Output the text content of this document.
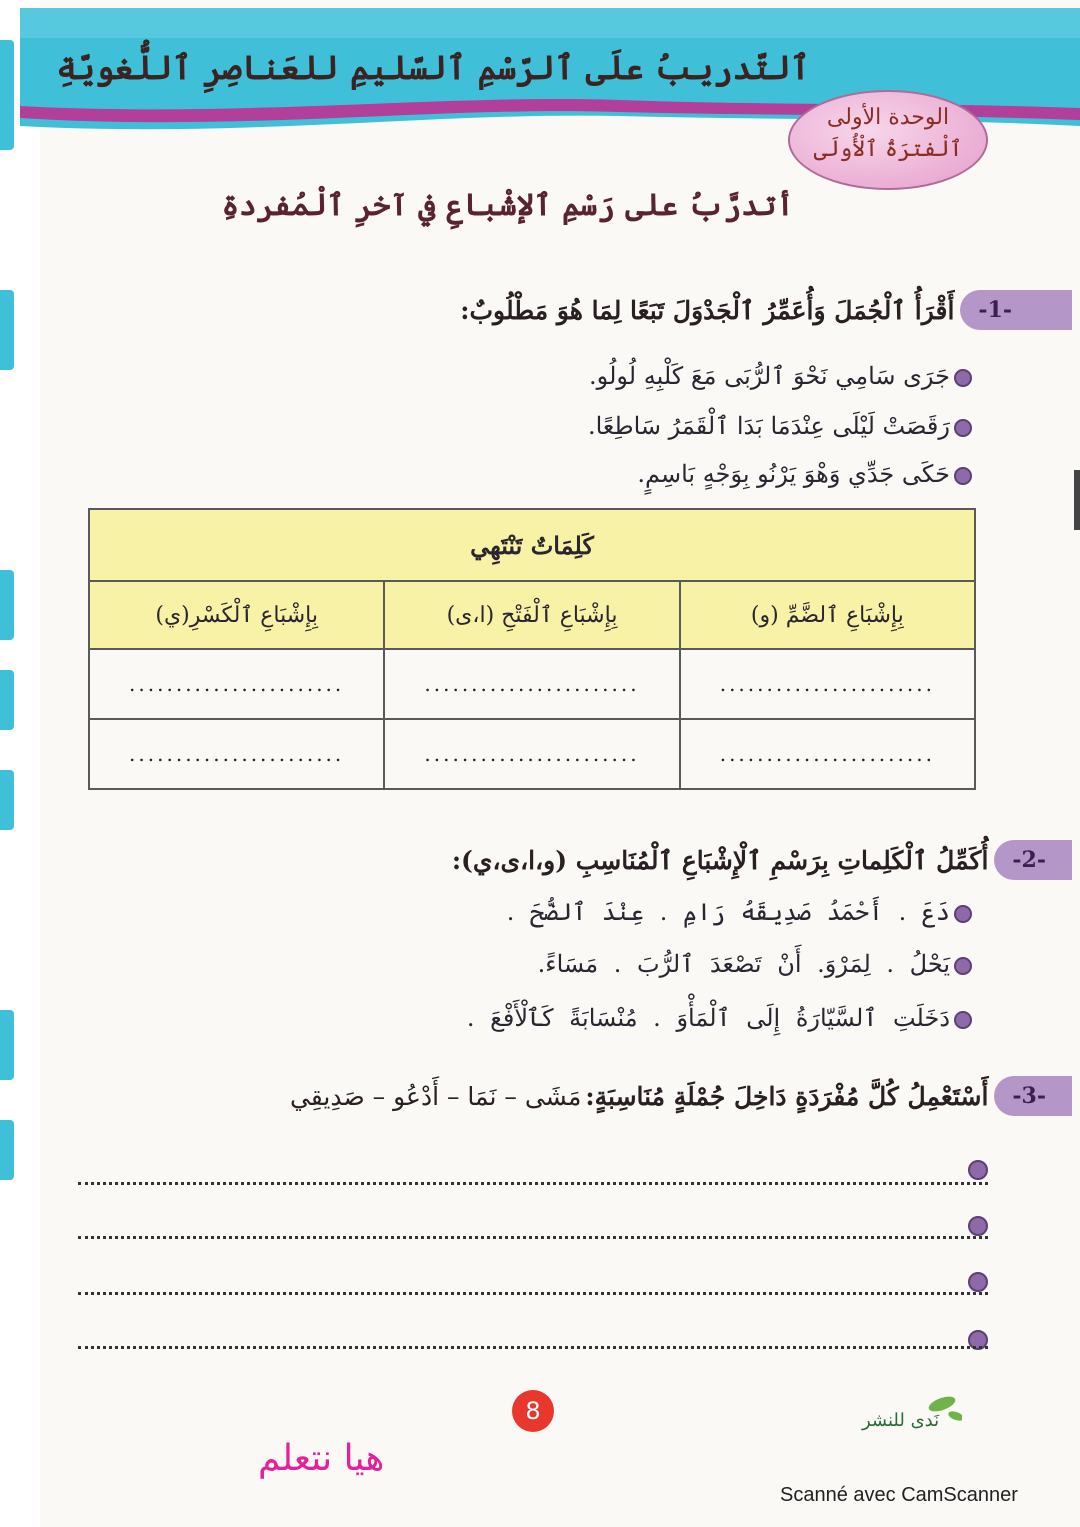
ٱلتّدريبُ علَى ٱلرّسْمِ ٱلسّليمِ للعَناصِرِ ٱللُّغويّةِ
الوحدة الأولى
ٱلْفترَةُ ٱلْأُولَى
أتدرَّبُ على رَسْمِ ٱلإشْباعِ في آخرِ ٱلْمُفردةِ
-1-
أَقْرَأُ ٱلْجُمَلَ وَأُعَمِّرُ ٱلْجَدْوَلَ تَبَعًا لِمَا هُوَ مَطْلُوبٌ:
جَرَى سَامِي نَحْوَ ٱلرُّبَى مَعَ كَلْبِهِ لُولُو.
رَقَصَتْ لَيْلَى عِنْدَمَا بَدَا ٱلْقَمَرُ سَاطِعًا.
حَكَى جَدِّي وَهْوَ يَرْنُو بِوَجْهٍ بَاسِمٍ.
كَلِمَاتٌ تَنْتَهِي		
بِإِشْبَاعِ ٱلضَّمِّ (و)	بِإِشْبَاعِ ٱلْفَتْحِ (ا،ى)	بِإِشْبَاعِ ٱلْكَسْرِ(ي)
.......................	.......................	.......................
.......................	.......................	.......................
-2-
أُكَمِّلُ ٱلْكَلِماتِ بِرَسْمِ ٱلْإِشْبَاعِ ٱلْمُنَاسِبِ (و،ا،ى،ي):
دَعَ . أَحْمَدُ صَدِيقَهُ رَامِ . عِنْدَ ٱلضُّحَ .
يَحْلُ . لِمَرْوَ. أَنْ تَصْعَدَ ٱلرُّبَ . مَسَاءً.
دَخَلَتِ ٱلسَّيّارَةُ إِلَى ٱلْمَأْوَ . مُنْسَابَةً كَٱلْأَفْعَ .
-3-
أَسْتَعْمِلُ كُلَّ مُفْرَدَةٍ دَاخِلَ جُمْلَةٍ مُنَاسِبَةٍ:
مَشَى – نَمَا – أَدْعُو – صَدِيقِي
8
هيا نتعلم
نَدى للنشر
Scanné avec CamScanner
